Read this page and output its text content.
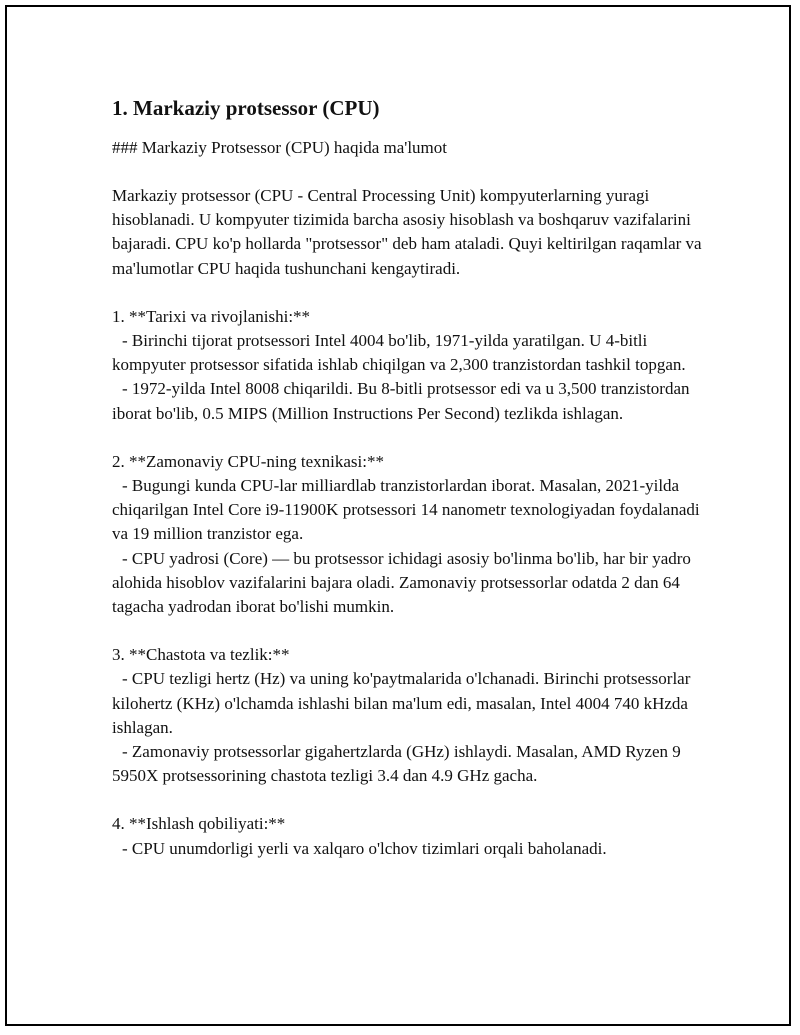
1. Markaziy protsessor (CPU)

### Markaziy Protsessor (CPU) haqida ma'lumot

Markaziy protsessor (CPU - Central Processing Unit) kompyuterlarning yuragi hisoblanadi. U kompyuter tizimida barcha asosiy hisoblash va boshqaruv vazifalarini bajaradi. CPU ko'p hollarda "protsessor" deb ham ataladi. Quyi keltirilgan raqamlar va ma'lumotlar CPU haqida tushunchani kengaytiradi.

1. **Tarixi va rivojlanishi:**

- Birinchi tijorat protsessori Intel 4004 bo'lib, 1971-yilda yaratilgan. U 4-bitli kompyuter protsessor sifatida ishlab chiqilgan va 2,300 tranzistordan tashkil topgan.

- 1972-yilda Intel 8008 chiqarildi. Bu 8-bitli protsessor edi va u 3,500 tranzistordan iborat bo'lib, 0.5 MIPS (Million Instructions Per Second) tezlikda ishlagan.

2. **Zamonaviy CPU-ning texnikasi:**

- Bugungi kunda CPU-lar milliardlab tranzistorlardan iborat. Masalan, 2021-yilda chiqarilgan Intel Core i9-11900K protsessori 14 nanometr texnologiyadan foydalanadi va 19 million tranzistor ega.

- CPU yadrosi (Core) — bu protsessor ichidagi asosiy bo'linma bo'lib, har bir yadro alohida hisoblov vazifalarini bajara oladi. Zamonaviy protsessorlar odatda 2 dan 64 tagacha yadrodan iborat bo'lishi mumkin.

3. **Chastota va tezlik:**

- CPU tezligi hertz (Hz) va uning ko'paytmalarida o'lchanadi. Birinchi protsessorlar kilohertz (KHz) o'lchamda ishlashi bilan ma'lum edi, masalan, Intel 4004 740 kHzda ishlagan.

- Zamonaviy protsessorlar gigahertzlarda (GHz) ishlaydi. Masalan, AMD Ryzen 9 5950X protsessorining chastota tezligi 3.4 dan 4.9 GHz gacha.

4. **Ishlash qobiliyati:**

- CPU unumdorligi yerli va xalqaro o'lchov tizimlari orqali baholanadi.
